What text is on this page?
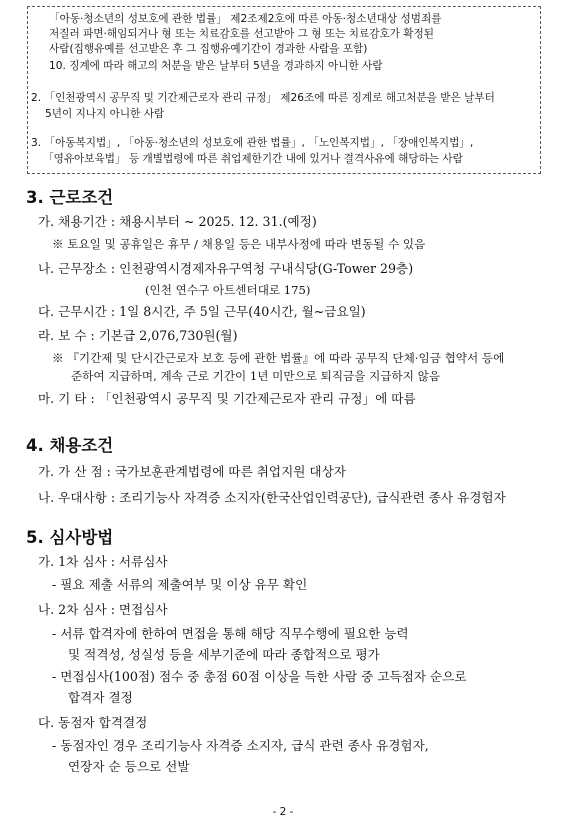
「아동·청소년의 성보호에 관한 법률」 제2조제2호에 따른 아동·청소년대상 성범죄를
저질러 파면·해임되거나 형 또는 치료감호를 선고받아 그 형 또는 치료감호가 확정된
사람(집행유예를 선고받은 후 그 집행유예기간이 경과한 사람을 포함)
10. 징계에 따라 해고의 처분을 받은 날부터 5년을 경과하지 아니한 사람
2. 「인천광역시 공무직 및 기간제근로자 관리 규정」 제26조에 따른 징계로 해고처분을 받은 날부터
5년이 지나지 아니한 사람
3. 「아동복지법」, 「아동·청소년의 성보호에 관한 법률」, 「노인복지법」, 「장애인복지법」,
「영유아보육법」 등 개별법령에 따른 취업제한기간 내에 있거나 결격사유에 해당하는 사람
3. 근로조건
가. 채용기간 : 채용시부터 ~ 2025. 12. 31.(예정)
※ 토요일 및 공휴일은 휴무 / 채용일 등은 내부사정에 따라 변동될 수 있음
나. 근무장소 : 인천광역시경제자유구역청 구내식당(G-Tower 29층)
(인천 연수구 아트센터대로 175)
다. 근무시간 : 1일 8시간, 주 5일 근무(40시간, 월~금요일)
라. 보 수 : 기본급 2,076,730원(월)
※ 『기간제 및 단시간근로자 보호 등에 관한 법률』에 따라 공무직 단체·임금 협약서 등에
준하여 지급하며, 계속 근로 기간이 1년 미만으로 퇴직금을 지급하지 않음
마. 기 타 : 「인천광역시 공무직 및 기간제근로자 관리 규정」에 따름
4. 채용조건
가. 가 산 점 : 국가보훈관계법령에 따른 취업지원 대상자
나. 우대사항 : 조리기능사 자격증 소지자(한국산업인력공단), 급식관련 종사 유경험자
5. 심사방법
가. 1차 심사 : 서류심사
- 필요 제출 서류의 제출여부 및 이상 유무 확인
나. 2차 심사 : 면접심사
- 서류 합격자에 한하여 면접을 통해 해당 직무수행에 필요한 능력
및 적격성, 성실성 등을 세부기준에 따라 종합적으로 평가
- 면접심사(100점) 점수 중 총점 60점 이상을 득한 사람 중 고득점자 순으로
합격자 결정
다. 동점자 합격결정
- 동점자인 경우 조리기능사 자격증 소지자, 급식 관련 종사 유경험자,
연장자 순 등으로 선발
- 2 -
